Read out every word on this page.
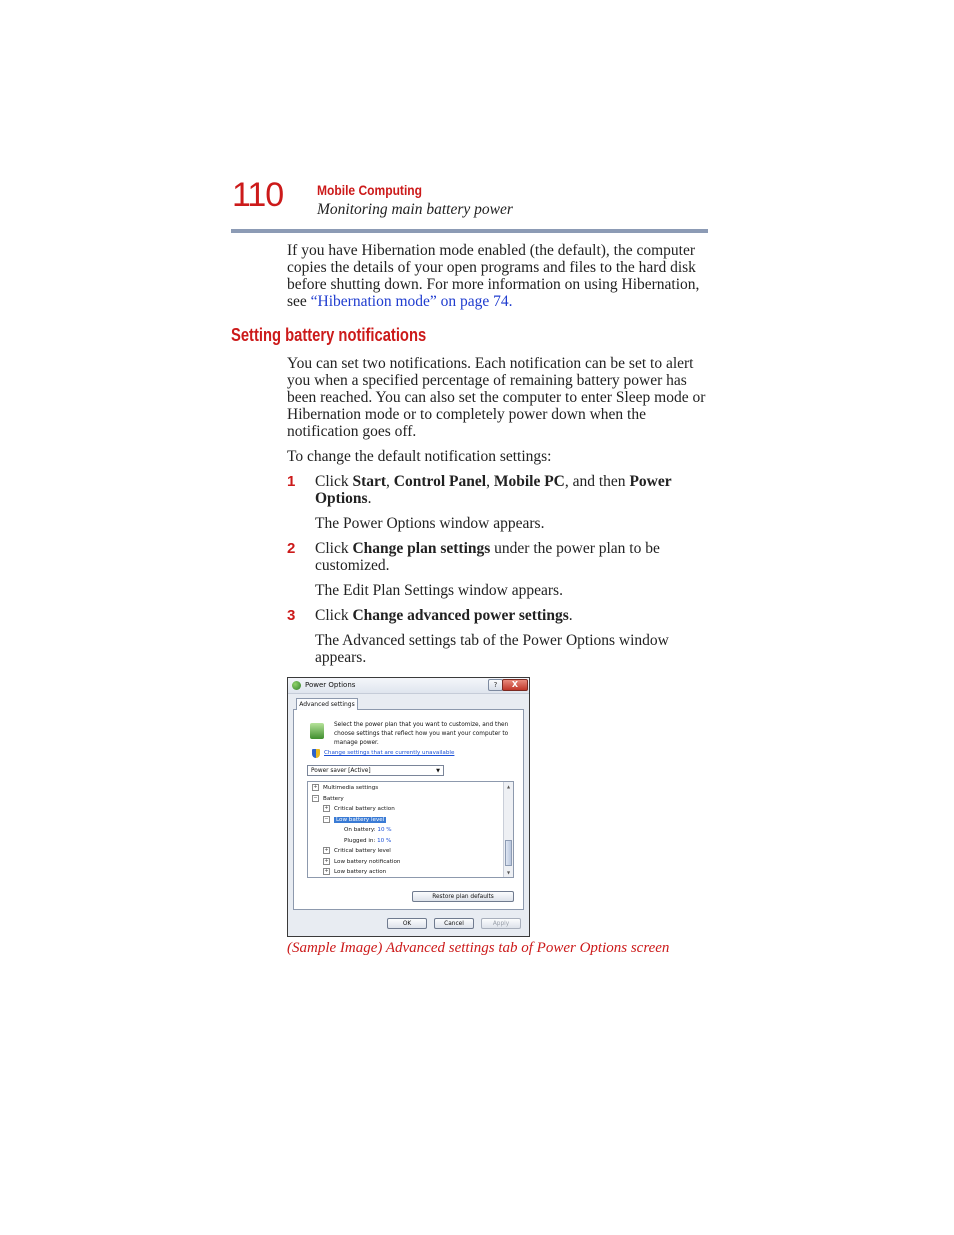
110 Mobile Computing
Monitoring main battery power

If you have Hibernation mode enabled (the default), the computer copies the details of your open programs and files to the hard disk before shutting down. For more information on using Hibernation, see “Hibernation mode” on page 74.

Setting battery notifications

You can set two notifications. Each notification can be set to alert you when a specified percentage of remaining battery power has been reached. You can also set the computer to enter Sleep mode or Hibernation mode or to completely power down when the notification goes off.

To change the default notification settings:

1 Click Start, Control Panel, Mobile PC, and then Power Options.

The Power Options window appears.

2 Click Change plan settings under the power plan to be customized.

The Edit Plan Settings window appears.

3 Click Change advanced power settings.

The Advanced settings tab of the Power Options window appears.

Power Options	?	X
Advanced settings
Select the power plan that you want to customize, and then choose settings that reflect how you want your computer to manage power.
Change settings that are currently unavailable
Power saver [Active]	▼
+ Multimedia settings
− Battery
+ Critical battery action
− Low battery level
On battery: 10 %
Plugged in: 10 %
+ Critical battery level
+ Low battery notification
+ Low battery action
▲
▼
Restore plan defaults
OK	Cancel	Apply
(Sample Image) Advanced settings tab of Power Options screen
